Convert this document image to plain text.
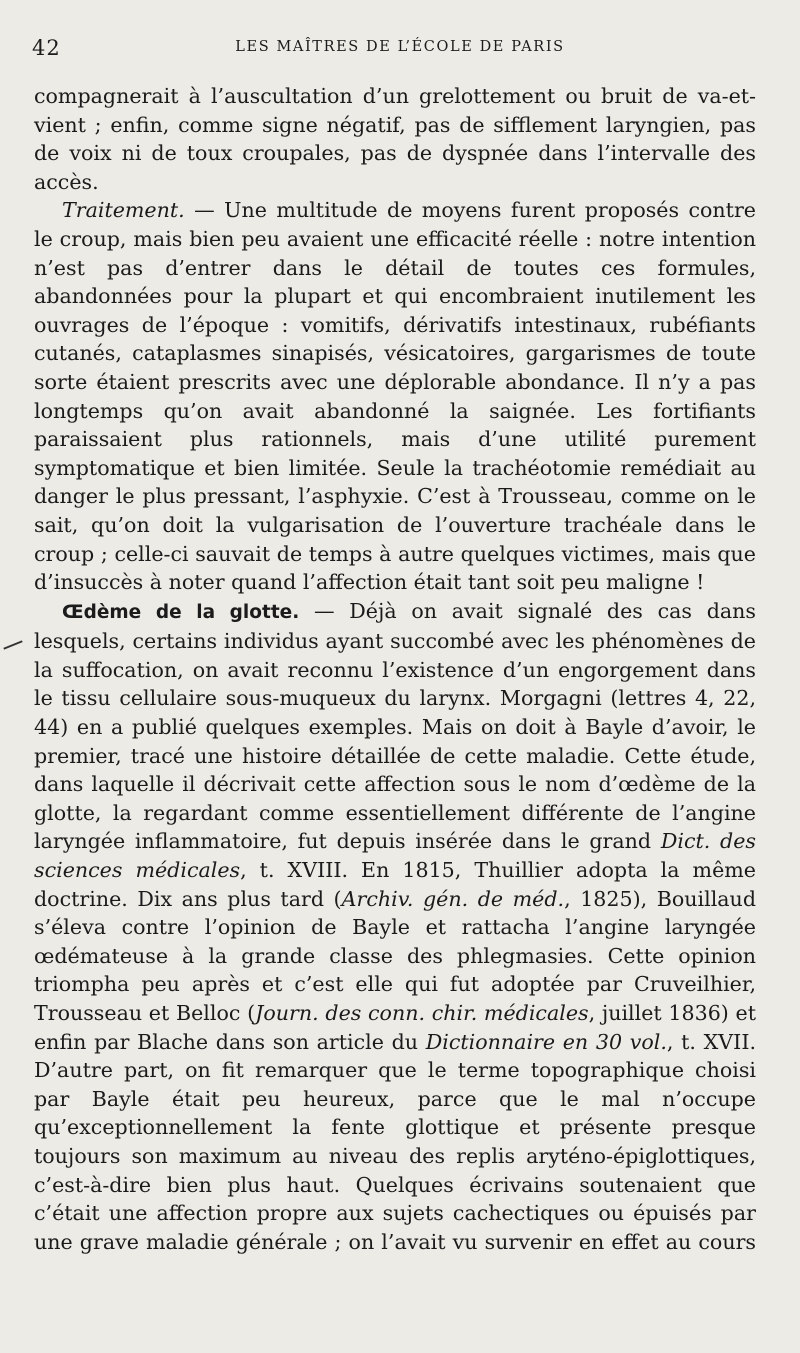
42	LES MAÎTRES DE L’ÉCOLE DE PARIS

compagnerait à l’auscultation d’un grelottement ou bruit de va-et-vient ; enfin, comme signe négatif, pas de sifflement laryngien, pas de voix ni de toux croupales, pas de dyspnée dans l’intervalle des accès.

Traitement. — Une multitude de moyens furent proposés contre le croup, mais bien peu avaient une efficacité réelle : notre intention n’est pas d’entrer dans le détail de toutes ces formules, abandonnées pour la plupart et qui encombraient inutilement les ouvrages de l’époque : vomitifs, dérivatifs intestinaux, rubéfiants cutanés, cataplasmes sinapisés, vésicatoires, gargarismes de toute sorte étaient prescrits avec une déplorable abondance. Il n’y a pas longtemps qu’on avait abandonné la saignée. Les fortifiants paraissaient plus rationnels, mais d’une utilité purement symptomatique et bien limitée. Seule la trachéotomie remédiait au danger le plus pressant, l’asphyxie. C’est à Trousseau, comme on le sait, qu’on doit la vulgarisation de l’ouverture trachéale dans le croup ; celle-ci sauvait de temps à autre quelques victimes, mais que d’insuccès à noter quand l’affection était tant soit peu maligne !

Œdème de la glotte. — Déjà on avait signalé des cas dans lesquels, certains individus ayant succombé avec les phénomènes de la suffocation, on avait reconnu l’existence d’un engorgement dans le tissu cellulaire sous-muqueux du larynx. Morgagni (lettres 4, 22, 44) en a publié quelques exemples. Mais on doit à Bayle d’avoir, le premier, tracé une histoire détaillée de cette maladie. Cette étude, dans laquelle il décrivait cette affection sous le nom d’œdème de la glotte, la regardant comme essentiellement différente de l’angine laryngée inflammatoire, fut depuis insérée dans le grand Dict. des sciences médicales, t. XVIII. En 1815, Thuillier adopta la même doctrine. Dix ans plus tard (Archiv. gén. de méd., 1825), Bouillaud s’éleva contre l’opinion de Bayle et rattacha l’angine laryngée œdémateuse à la grande classe des phlegmasies. Cette opinion triompha peu après et c’est elle qui fut adoptée par Cruveilhier, Trousseau et Belloc (Journ. des conn. chir. médicales, juillet 1836) et enfin par Blache dans son article du Dictionnaire en 30 vol., t. XVII. D’autre part, on fit remarquer que le terme topographique choisi par Bayle était peu heureux, parce que le mal n’occupe qu’exceptionnellement la fente glottique et présente presque toujours son maximum au niveau des replis aryténo-épiglottiques, c’est-à-dire bien plus haut. Quelques écrivains soutenaient que c’était une affection propre aux sujets cachectiques ou épuisés par une grave maladie générale ; on l’avait vu survenir en effet au cours
